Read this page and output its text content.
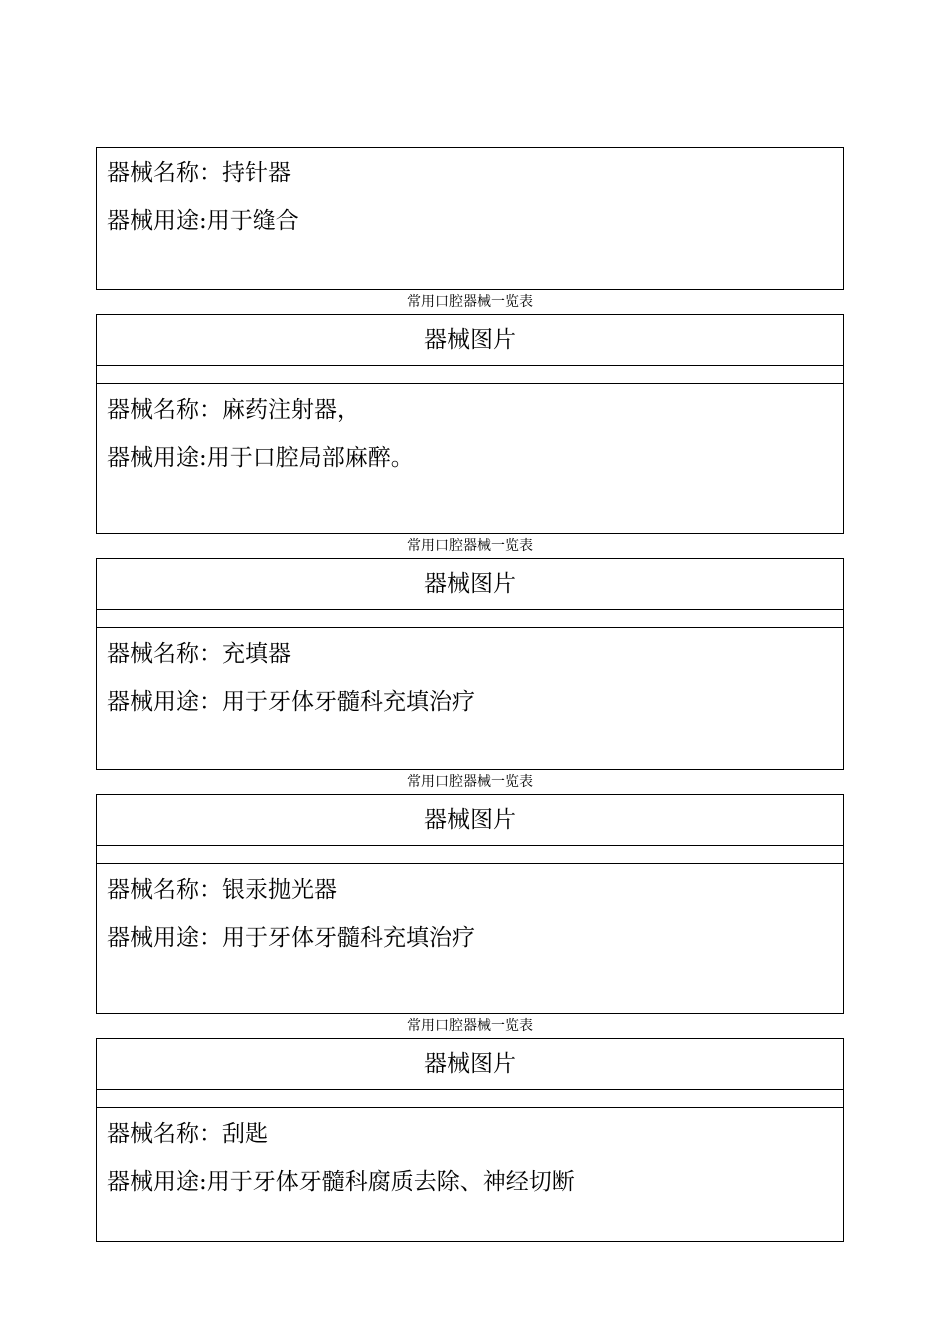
器械名称：持针器
器械用途:用于缝合
常用口腔器械一览表
器械图片
器械名称：麻药注射器，
器械用途:用于口腔局部麻醉。
常用口腔器械一览表
器械图片
器械名称：充填器
器械用途：用于牙体牙髓科充填治疗
常用口腔器械一览表
器械图片
器械名称：银汞抛光器
器械用途：用于牙体牙髓科充填治疗
常用口腔器械一览表
器械图片
器械名称：刮匙
器械用途:用于牙体牙髓科腐质去除、神经切断
